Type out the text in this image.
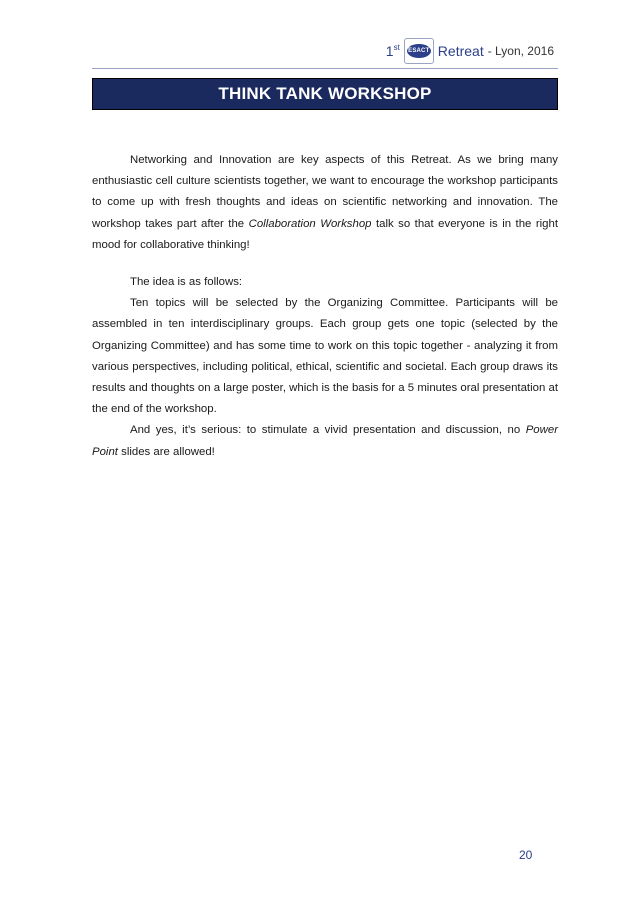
1st ESACT Retreat - Lyon, 2016
THINK TANK WORKSHOP

Networking and Innovation are key aspects of this Retreat. As we bring many enthusiastic cell culture scientists together, we want to encourage the workshop participants to come up with fresh thoughts and ideas on scientific networking and innovation. The workshop takes part after the Collaboration Workshop talk so that everyone is in the right mood for collaborative thinking!

The idea is as follows:

Ten topics will be selected by the Organizing Committee. Participants will be assembled in ten interdisciplinary groups. Each group gets one topic (selected by the Organizing Committee) and has some time to work on this topic together - analyzing it from various perspectives, including political, ethical, scientific and societal. Each group draws its results and thoughts on a large poster, which is the basis for a 5 minutes oral presentation at the end of the workshop.

And yes, it’s serious: to stimulate a vivid presentation and discussion, no Power Point slides are allowed!

20
